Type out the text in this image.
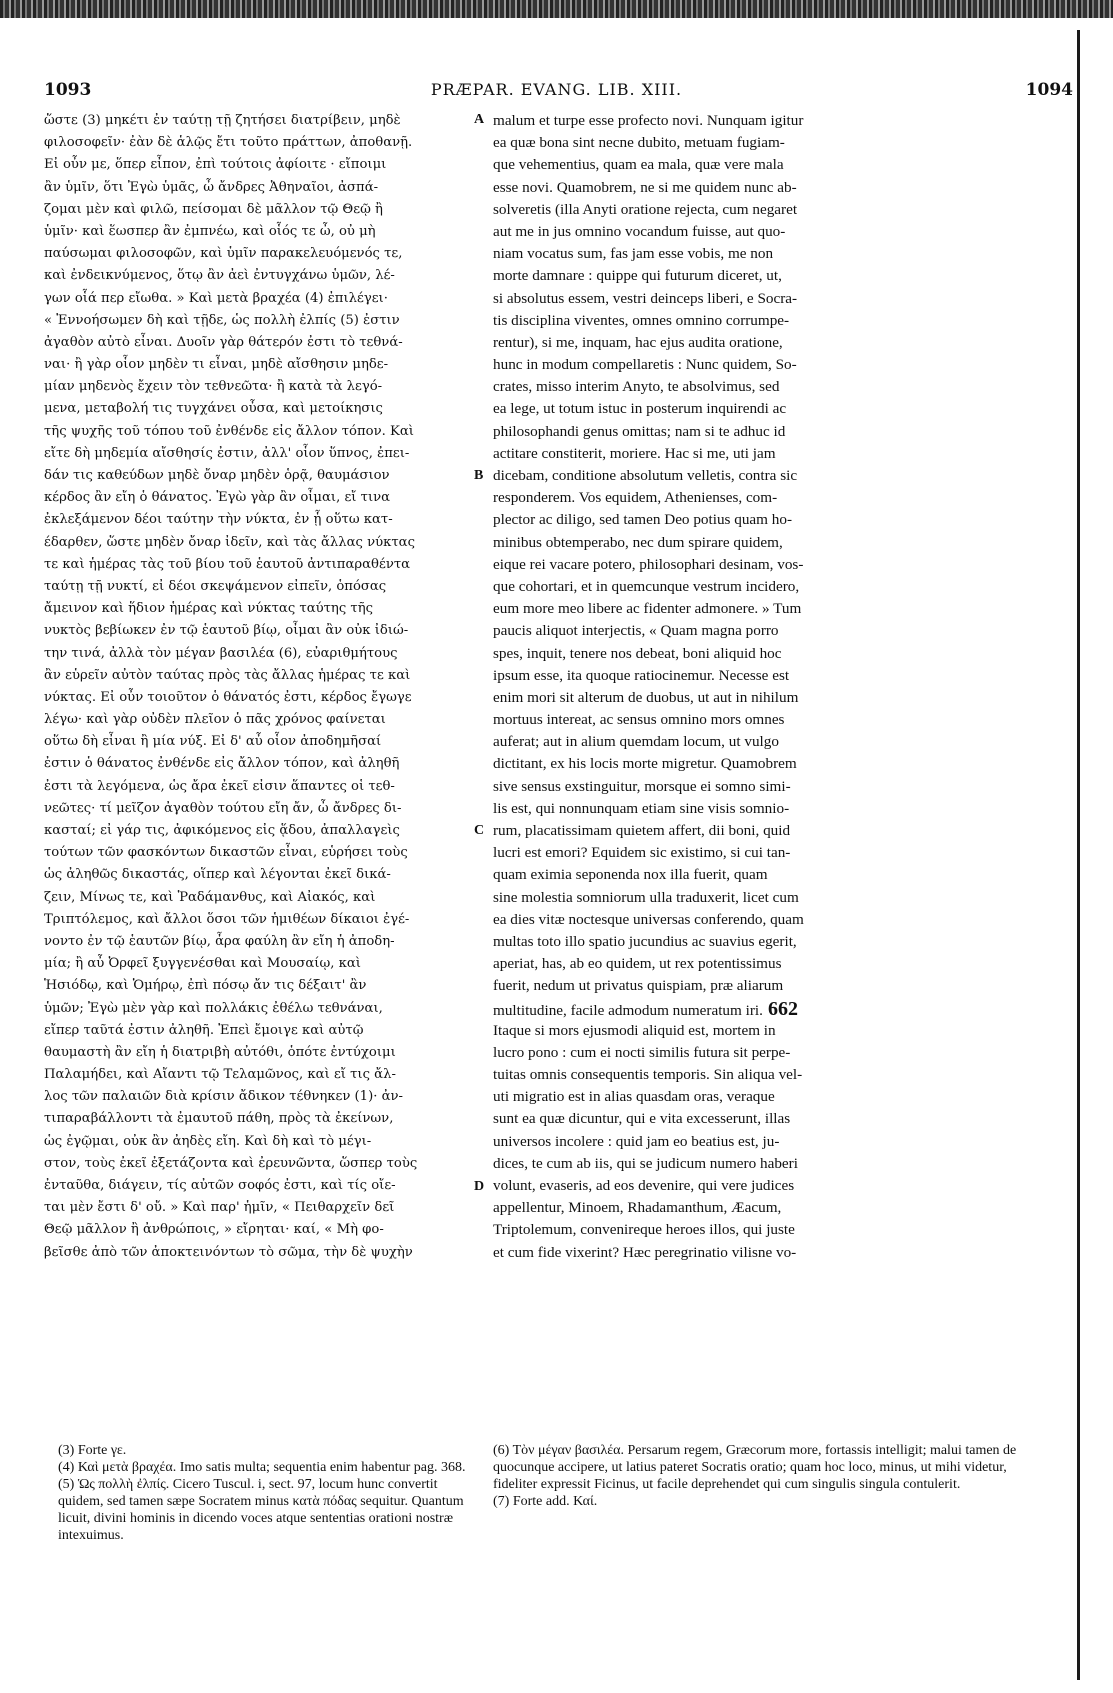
1093	PRÆPAR. EVANG. LIB. XIII.	1094
ὥστε (3) μηκέτι ἐν ταύτῃ τῇ ζητήσει διατρίβειν, μηδὲ
φιλοσοφεῖν· ἐὰν δὲ ἁλῷς ἔτι τοῦτο πράττων, ἀποθανῇ.
Εἰ οὖν με, ὅπερ εἶπον, ἐπὶ τούτοις ἀφίοιτε · εἴποιμι
ἂν ὑμῖν, ὅτι Ἐγὼ ὑμᾶς, ὦ ἄνδρες Ἀθηναῖοι, ἀσπά-
ζομαι μὲν καὶ φιλῶ, πείσομαι δὲ μᾶλλον τῷ Θεῷ ἢ
ὑμῖν· καὶ ἕωσπερ ἂν ἐμπνέω, καὶ οἷός τε ὦ, οὐ μὴ
παύσωμαι φιλοσοφῶν, καὶ ὑμῖν παρακελευόμενός τε,
καὶ ἐνδεικνύμενος, ὅτῳ ἂν ἀεὶ ἐντυγχάνω ὑμῶν, λέ-
γων οἷά περ εἴωθα. » Καὶ μετὰ βραχέα (4) ἐπιλέγει·
« Ἐννοήσωμεν δὴ καὶ τῇδε, ὡς πολλὴ ἐλπίς (5) ἐστιν
ἀγαθὸν αὐτὸ εἶναι. Δυοῖν γὰρ θάτερόν ἐστι τὸ τεθνά-
ναι· ἢ γὰρ οἷον μηδὲν τι εἶναι, μηδὲ αἴσθησιν μηδε-
μίαν μηδενὸς ἔχειν τὸν τεθνεῶτα· ἢ κατὰ τὰ λεγό-
μενα, μεταβολή τις τυγχάνει οὖσα, καὶ μετοίκησις
τῆς ψυχῆς τοῦ τόπου τοῦ ἐνθένδε εἰς ἄλλον τόπον. Καὶ
εἴτε δὴ μηδεμία αἴσθησίς ἐστιν, ἀλλ' οἷον ὕπνος, ἐπει-
δάν τις καθεύδων μηδὲ ὄναρ μηδὲν ὁρᾷ, θαυμάσιον
κέρδος ἂν εἴη ὁ θάνατος. Ἐγὼ γὰρ ἂν οἶμαι, εἴ τινα
ἐκλεξάμενον δέοι ταύτην τὴν νύκτα, ἐν ᾗ οὕτω κατ-
έδαρθεν, ὥστε μηδὲν ὄναρ ἰδεῖν, καὶ τὰς ἄλλας νύκτας
τε καὶ ἡμέρας τὰς τοῦ βίου τοῦ ἑαυτοῦ ἀντιπαραθέντα
ταύτῃ τῇ νυκτί, εἰ δέοι σκεψάμενον εἰπεῖν, ὁπόσας
ἄμεινον καὶ ἥδιον ἡμέρας καὶ νύκτας ταύτης τῆς
νυκτὸς βεβίωκεν ἐν τῷ ἑαυτοῦ βίῳ, οἶμαι ἂν οὐκ ἰδιώ-
την τινά, ἀλλὰ τὸν μέγαν βασιλέα (6), εὐαριθμήτους
ἂν εὑρεῖν αὐτὸν ταύτας πρὸς τὰς ἄλλας ἡμέρας τε καὶ
νύκτας. Εἰ οὖν τοιοῦτον ὁ θάνατός ἐστι, κέρδος ἔγωγε
λέγω· καὶ γὰρ οὐδὲν πλεῖον ὁ πᾶς χρόνος φαίνεται
οὕτω δὴ εἶναι ἢ μία νύξ. Εἰ δ' αὖ οἷον ἀποδημῆσαί
ἐστιν ὁ θάνατος ἐνθένδε εἰς ἄλλον τόπον, καὶ ἀληθῆ
ἐστι τὰ λεγόμενα, ὡς ἄρα ἐκεῖ εἰσιν ἅπαντες οἱ τεθ-
νεῶτες· τί μεῖζον ἀγαθὸν τούτου εἴη ἄν, ὦ ἄνδρες δι-
κασταί; εἰ γάρ τις, ἀφικόμενος εἰς ᾅδου, ἀπαλλαγεὶς
τούτων τῶν φασκόντων δικαστῶν εἶναι, εὑρήσει τοὺς
ὡς ἀληθῶς δικαστάς, οἵπερ καὶ λέγονται ἐκεῖ δικά-
ζειν, Μίνως τε, καὶ Ῥαδάμανθυς, καὶ Αἰακός, καὶ
Τριπτόλεμος, καὶ ἄλλοι ὅσοι τῶν ἡμιθέων δίκαιοι ἐγέ-
νοντο ἐν τῷ ἑαυτῶν βίῳ, ἆρα φαύλη ἂν εἴη ἡ ἀποδη-
μία; ἢ αὖ Ὀρφεῖ ξυγγενέσθαι καὶ Μουσαίῳ, καὶ
Ἡσιόδῳ, καὶ Ὁμήρῳ, ἐπὶ πόσῳ ἄν τις δέξαιτ' ἂν
ὑμῶν; Ἐγὼ μὲν γὰρ καὶ πολλάκις ἐθέλω τεθνάναι,
εἴπερ ταῦτά ἐστιν ἀληθῆ. Ἐπεὶ ἔμοιγε καὶ αὐτῷ
θαυμαστὴ ἂν εἴη ἡ διατριβὴ αὐτόθι, ὁπότε ἐντύχοιμι
Παλαμήδει, καὶ Αἴαντι τῷ Τελαμῶνος, καὶ εἴ τις ἄλ-
λος τῶν παλαιῶν διὰ κρίσιν ἄδικον τέθνηκεν (1)· ἀν-
τιπαραβάλλοντι τὰ ἐμαυτοῦ πάθη, πρὸς τὰ ἐκείνων,
ὡς ἐγῷμαι, οὐκ ἂν ἀηδὲς εἴη. Καὶ δὴ καὶ τὸ μέγι-
στον, τοὺς ἐκεῖ ἐξετάζοντα καὶ ἐρευνῶντα, ὥσπερ τοὺς
ἐνταῦθα, διάγειν, τίς αὐτῶν σοφός ἐστι, καὶ τίς οἴε-
ται μὲν ἔστι δ' οὔ. » Καὶ παρ' ἡμῖν, « Πειθαρχεῖν δεῖ
Θεῷ μᾶλλον ἢ ἀνθρώποις, » εἴρηται· καί, « Μὴ φο-
βεῖσθε ἀπὸ τῶν ἀποκτεινόντων τὸ σῶμα, τὴν δὲ ψυχὴν
malum et turpe esse profecto novi. Nunquam igitur
ea quæ bona sint necne dubito, metuam fugiam-
que vehementius, quam ea mala, quæ vere mala
esse novi. Quamobrem, ne si me quidem nunc ab-
solveretis (illa Anyti oratione rejecta, cum negaret
aut me in jus omnino vocandum fuisse, aut quo-
niam vocatus sum, fas jam esse vobis, me non
morte damnare : quippe qui futurum diceret, ut,
si absolutus essem, vestri deinceps liberi, e Socra-
tis disciplina viventes, omnes omnino corrumpe-
rentur), si me, inquam, hac ejus audita oratione,
hunc in modum compellaretis : Nunc quidem, So-
crates, misso interim Anyto, te absolvimus, sed
ea lege, ut totum istuc in posterum inquirendi ac
philosophandi genus omittas; nam si te adhuc id
actitare constiterit, moriere. Hac si me, uti jam
dicebam, conditione absolutum velletis, contra sic
responderem. Vos equidem, Athenienses, com-
plector ac diligo, sed tamen Deo potius quam ho-
minibus obtemperabo, nec dum spirare quidem,
eique rei vacare potero, philosophari desinam, vos-
que cohortari, et in quemcunque vestrum incidero,
eum more meo libere ac fidenter admonere. » Tum
paucis aliquot interjectis, « Quam magna porro
spes, inquit, tenere nos debeat, boni aliquid hoc
ipsum esse, ita quoque ratiocinemur. Necesse est
enim mori sit alterum de duobus, ut aut in nihilum
mortuus intereat, ac sensus omnino mors omnes
auferat; aut in alium quemdam locum, ut vulgo
dictitant, ex his locis morte migretur. Quamobrem
sive sensus exstinguitur, morsque ei somno simi-
lis est, qui nonnunquam etiam sine visis somnio-
rum, placatissimam quietem affert, dii boni, quid
lucri est emori? Equidem sic existimo, si cui tan-
quam eximia seponenda nox illa fuerit, quam
sine molestia somniorum ulla traduxerit, licet cum
ea dies vitæ noctesque universas conferendo, quam
multas toto illo spatio jucundius ac suavius egerit,
aperiat, has, ab eo quidem, ut rex potentissimus
fuerit, nedum ut privatus quispiam, præ aliarum
multitudine, facile admodum numeratum iri. 662
Itaque si mors ejusmodi aliquid est, mortem in
lucro pono : cum ei nocti similis futura sit perpe-
tuitas omnis consequentis temporis. Sin aliqua vel-
uti migratio est in alias quasdam oras, veraque
sunt ea quæ dicuntur, qui e vita excesserunt, illas
universos incolere : quid jam eo beatius est, ju-
dices, te cum ab iis, qui se judicum numero haberi
volunt, evaseris, ad eos devenire, qui vere judices
appellentur, Minoem, Rhadamanthum, Æacum,
Triptolemum, convenireque heroes illos, qui juste
et cum fide vixerint? Hæc peregrinatio vilisne vo-
A
B
C
D

(3) Forte γε.

(4) Καὶ μετὰ βραχέα. Imo satis multa; sequentia enim habentur pag. 368.

(5) Ὡς πολλὴ ἐλπίς. Cicero Tuscul. i, sect. 97, locum hunc convertit quidem, sed tamen sæpe Socratem minus κατὰ πόδας sequitur. Quantum licuit, divini hominis in dicendo voces atque sententias orationi nostræ intexuimus.

(6) Τὸν μέγαν βασιλέα. Persarum regem, Græcorum more, fortassis intelligit; malui tamen de quocunque accipere, ut latius pateret Socratis oratio; quam hoc loco, minus, ut mihi videtur, fideliter expressit Ficinus, ut facile deprehendet qui cum singulis singula contulerit.

(7) Forte add. Καί.
